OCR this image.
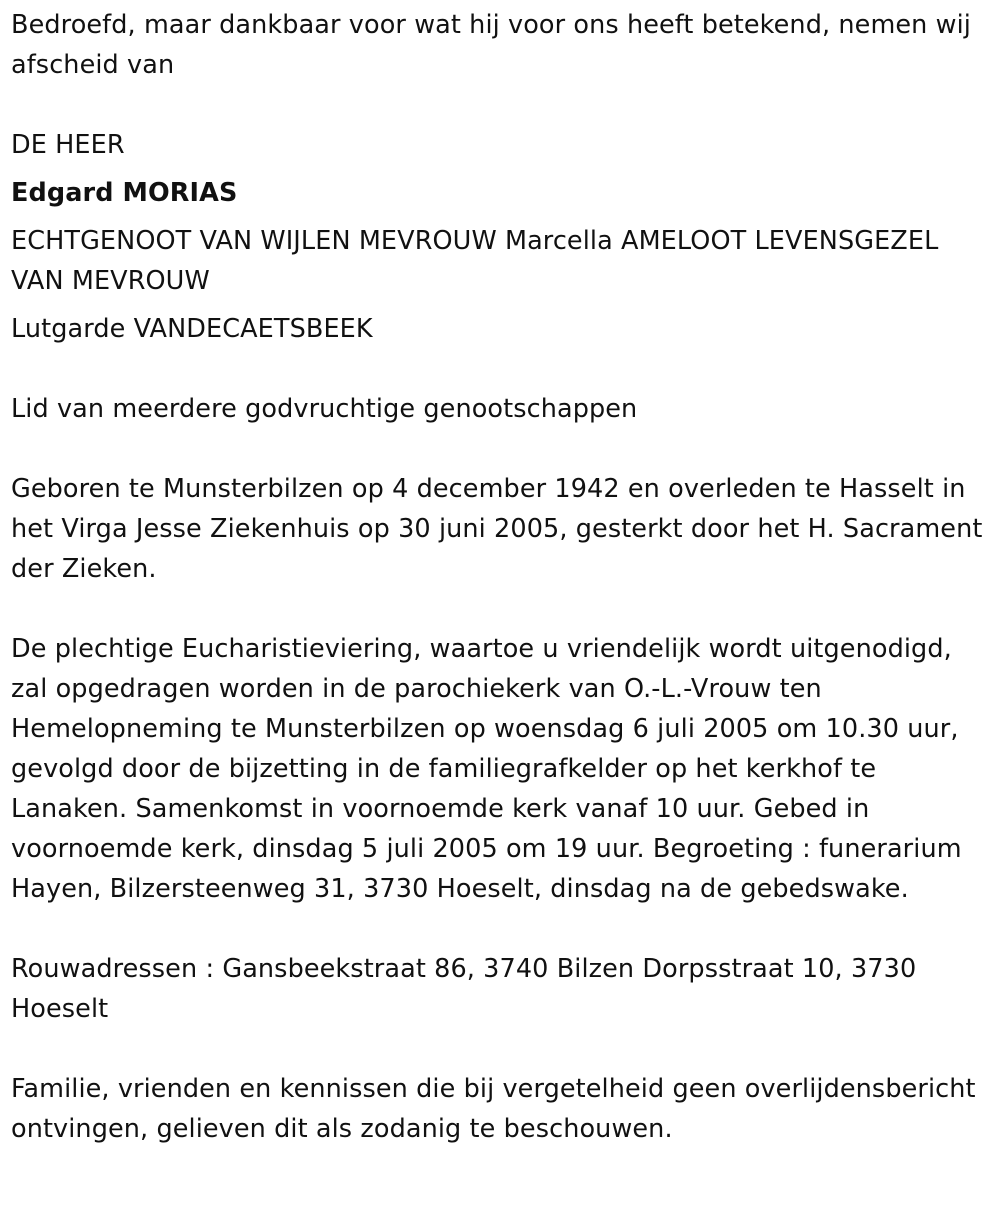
Bedroefd, maar dankbaar voor wat hij voor ons heeft betekend, nemen wij afscheid van

DE HEER

Edgard MORIAS

ECHTGENOOT VAN WIJLEN MEVROUW Marcella AMELOOT LEVENSGEZEL VAN MEVROUW

Lutgarde VANDECAETSBEEK

Lid van meerdere godvruchtige genootschappen

Geboren te Munsterbilzen op 4 december 1942 en overleden te Hasselt in het Virga Jesse Ziekenhuis op 30 juni 2005, gesterkt door het H. Sacrament der Zieken.

De plechtige Eucharistieviering, waartoe u vriendelijk wordt uitgenodigd, zal opgedragen worden in de parochiekerk van O.-L.-Vrouw ten Hemelopneming te Munsterbilzen op woensdag 6 juli 2005 om 10.30 uur, gevolgd door de bijzetting in de familiegrafkelder op het kerkhof te Lanaken. Samenkomst in voornoemde kerk vanaf 10 uur. Gebed in voornoemde kerk, dinsdag 5 juli 2005 om 19 uur. Begroeting : funerarium Hayen, Bilzersteenweg 31, 3730 Hoeselt, dinsdag na de gebedswake.

Rouwadressen : Gansbeekstraat 86, 3740 Bilzen Dorpsstraat 10, 3730 Hoeselt

Familie, vrienden en kennissen die bij vergetelheid geen overlijdensbericht ontvingen, gelieven dit als zodanig te beschouwen.
